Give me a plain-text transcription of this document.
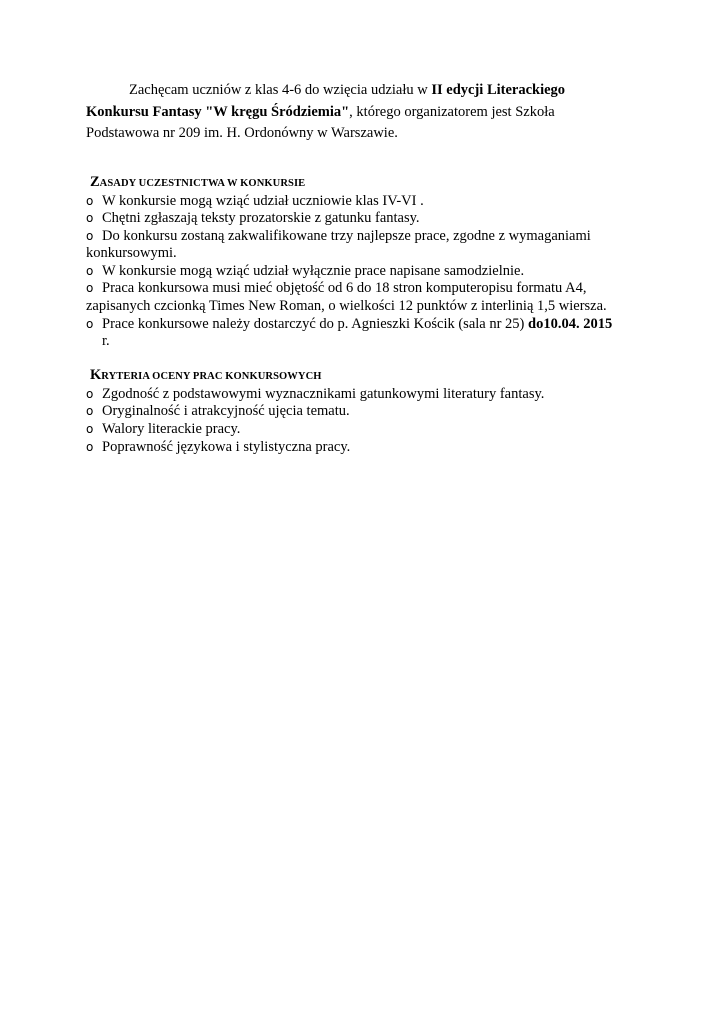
Zachęcam uczniów z klas 4-6 do wzięcia udziału w II edycji Literackiego Konkursu Fantasy "W kręgu Śródziemia", którego organizatorem jest Szkoła Podstawowa nr 209 im. H. Ordonówny w Warszawie.

ZASADY UCZESTNICTWA W KONKURSIE

o W konkursie mogą wziąć udział uczniowie klas IV-VI .
o Chętni zgłaszają teksty prozatorskie z gatunku fantasy.
o Do konkursu zostaną zakwalifikowane trzy najlepsze prace, zgodne z wymaganiami konkursowymi.
o W konkursie mogą wziąć udział wyłącznie prace napisane samodzielnie.
o Praca konkursowa musi mieć objętość od 6 do 18 stron komputeropisu formatu A4, zapisanych czcionką Times New Roman, o wielkości 12 punktów z interlinią 1,5 wiersza.
o Prace konkursowe należy dostarczyć do p. Agnieszki Kościk (sala nr 25) do10.04. 2015 r.

KRYTERIA OCENY PRAC KONKURSOWYCH

o Zgodność z podstawowymi wyznacznikami gatunkowymi literatury fantasy.
o Oryginalność i atrakcyjność ujęcia tematu.
o Walory literackie pracy.
o Poprawność językowa i stylistyczna pracy.
